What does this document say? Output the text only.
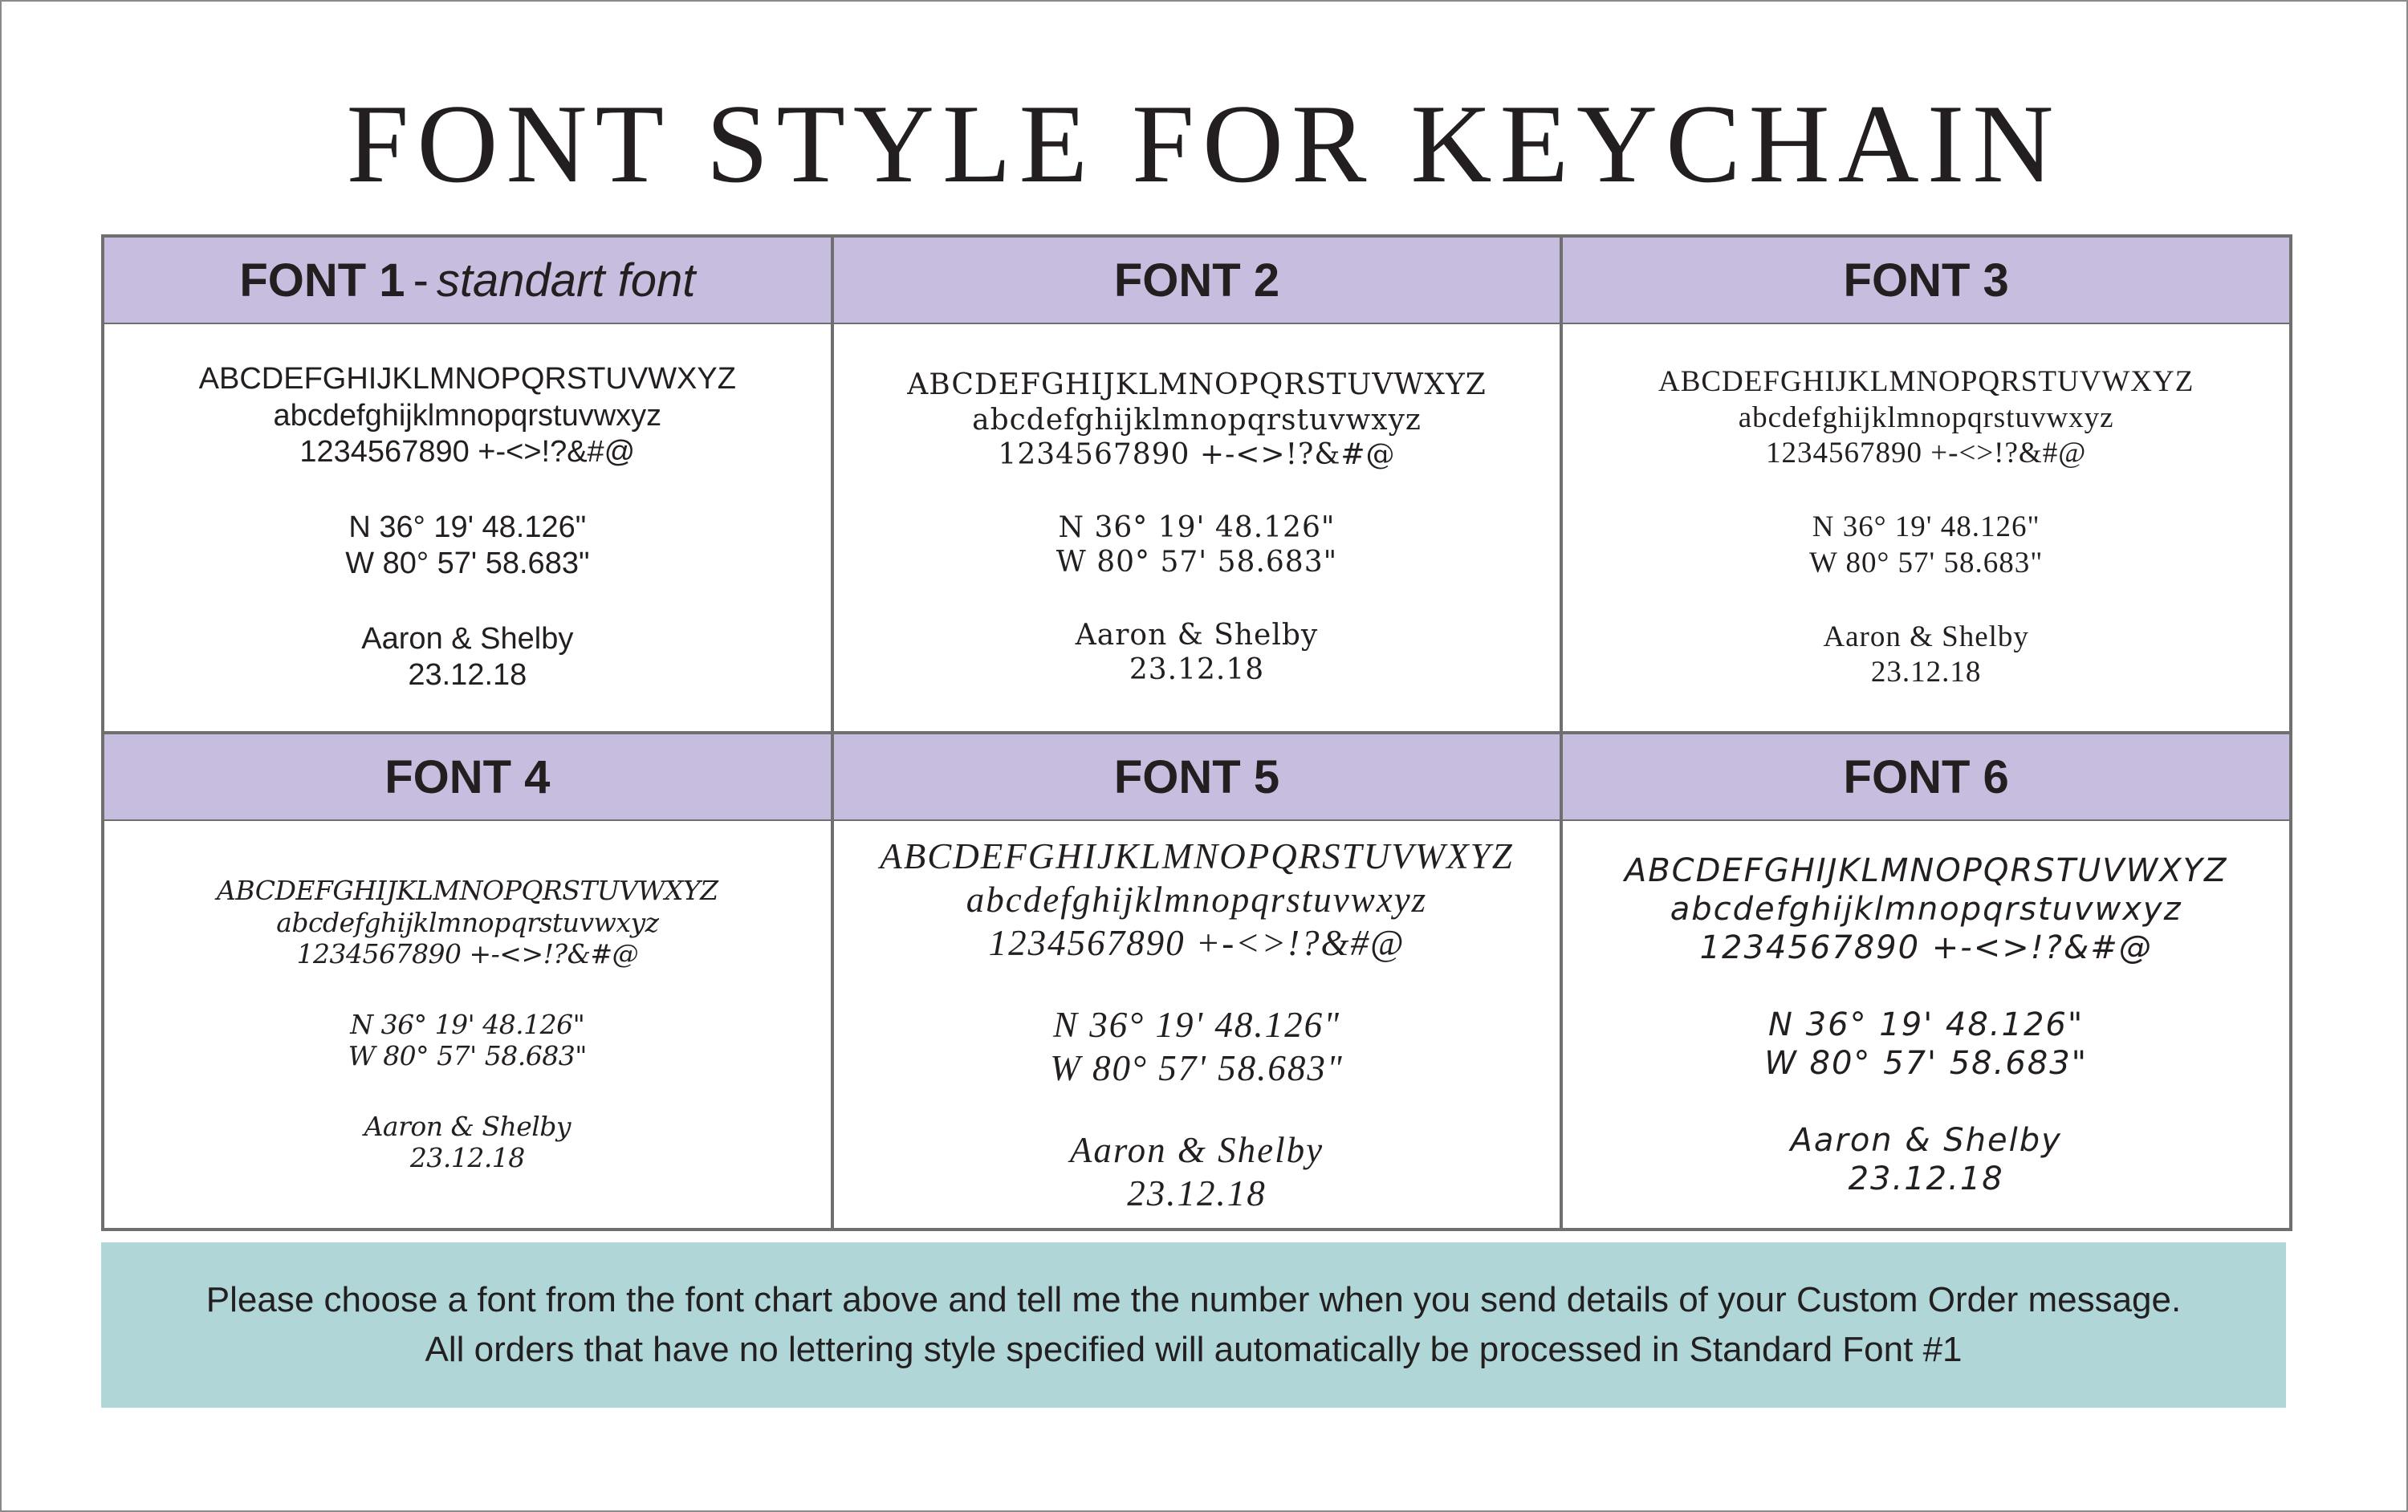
FONT STYLE FOR KEYCHAIN
FONT 1 - standart font
ABCDEFGHIJKLMNOPQRSTUVWXYZ
abcdefghijklmnopqrstuvwxyz
1234567890 +-<>!?&#@
N 36° 19' 48.126"
W 80° 57' 58.683"
Aaron & Shelby
23.12.18
FONT 2
ABCDEFGHIJKLMNOPQRSTUVWXYZ
abcdefghijklmnopqrstuvwxyz
1234567890 +-<>!?&#@
N 36° 19' 48.126"
W 80° 57' 58.683"
Aaron & Shelby
23.12.18
FONT 3
ABCDEFGHIJKLMNOPQRSTUVWXYZ
abcdefghijklmnopqrstuvwxyz
1234567890 +-<>!?&#@
N 36° 19' 48.126"
W 80° 57' 58.683"
Aaron & Shelby
23.12.18
FONT 4
ABCDEFGHIJKLMNOPQRSTUVWXYZ
abcdefghijklmnopqrstuvwxyz
1234567890 +-<>!?&#@
N 36° 19' 48.126"
W 80° 57' 58.683"
Aaron & Shelby
23.12.18
FONT 5
ABCDEFGHIJKLMNOPQRSTUVWXYZ
abcdefghijklmnopqrstuvwxyz
1234567890 +-<>!?&#@
N 36° 19' 48.126"
W 80° 57' 58.683"
Aaron & Shelby
23.12.18
FONT 6
ABCDEFGHIJKLMNOPQRSTUVWXYZ
abcdefghijklmnopqrstuvwxyz
1234567890 +-<>!?&#@
N 36° 19' 48.126"
W 80° 57' 58.683"
Aaron & Shelby
23.12.18
Please choose a font from the font chart above and tell me the number when you send details of your Custom Order message.
All orders that have no lettering style specified will automatically be processed in Standard Font #1
